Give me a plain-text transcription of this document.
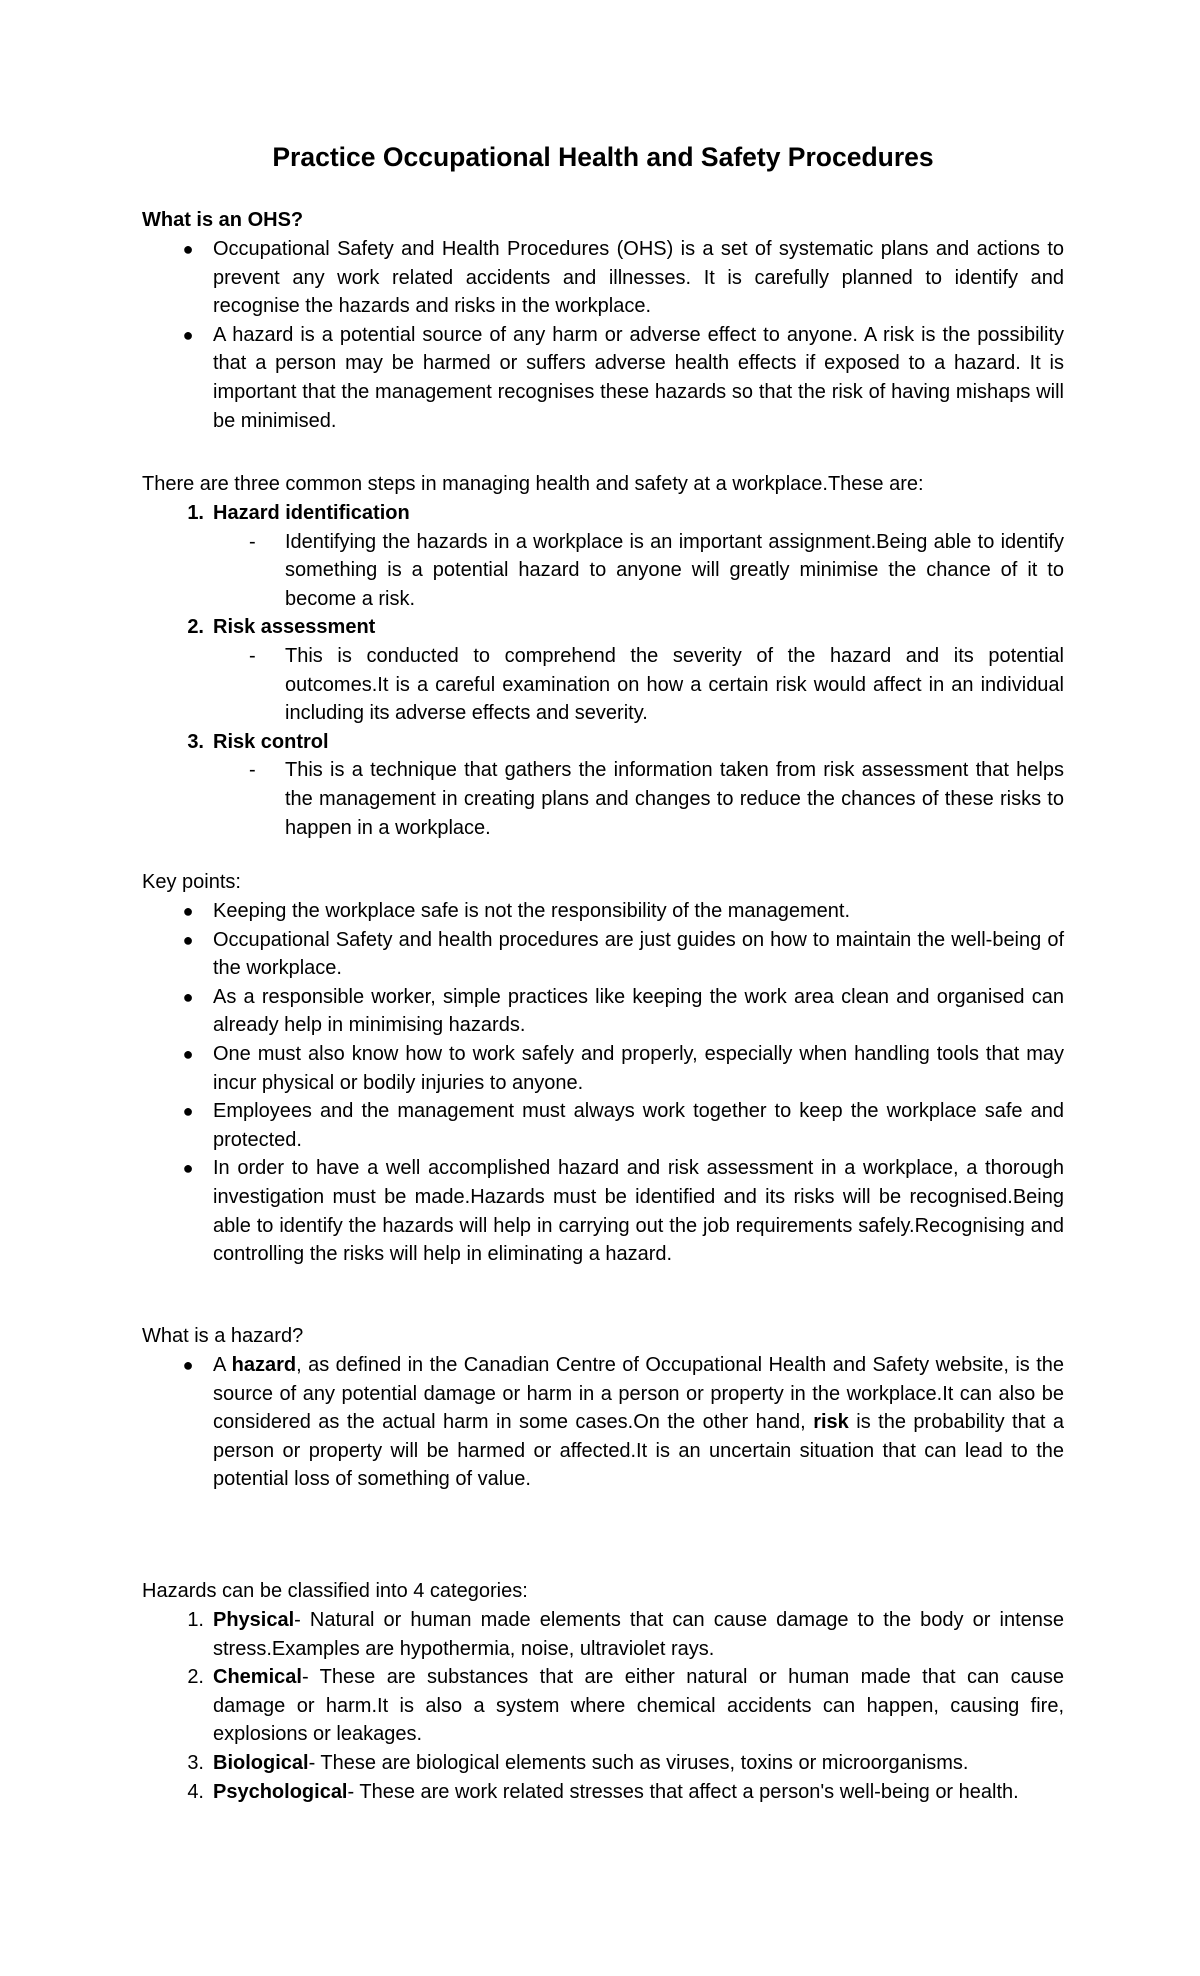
Practice Occupational Health and Safety Procedures

What is an OHS?

● Occupational Safety and Health Procedures (OHS) is a set of systematic plans and actions to prevent any work related accidents and illnesses. It is carefully planned to identify and recognise the hazards and risks in the workplace.
● A hazard is a potential source of any harm or adverse effect to anyone. A risk is the possibility that a person may be harmed or suffers adverse health effects if exposed to a hazard. It is important that the management recognises these hazards so that the risk of having mishaps will be minimised.

There are three common steps in managing health and safety at a workplace.These are:

1. Hazard identification
- Identifying the hazards in a workplace is an important assignment.Being able to identify something is a potential hazard to anyone will greatly minimise the chance of it to become a risk.
2. Risk assessment
- This is conducted to comprehend the severity of the hazard and its potential outcomes.It is a careful examination on how a certain risk would affect in an individual including its adverse effects and severity.
3. Risk control
- This is a technique that gathers the information taken from risk assessment that helps the management in creating plans and changes to reduce the chances of these risks to happen in a workplace.

Key points:

● Keeping the workplace safe is not the responsibility of the management.
● Occupational Safety and health procedures are just guides on how to maintain the well-being of the workplace.
● As a responsible worker, simple practices like keeping the work area clean and organised can already help in minimising hazards.
● One must also know how to work safely and properly, especially when handling tools that may incur physical or bodily injuries to anyone.
● Employees and the management must always work together to keep the workplace safe and protected.
● In order to have a well accomplished hazard and risk assessment in a workplace, a thorough investigation must be made.Hazards must be identified and its risks will be recognised.Being able to identify the hazards will help in carrying out the job requirements safely.Recognising and controlling the risks will help in eliminating a hazard.

What is a hazard?

● A hazard, as defined in the Canadian Centre of Occupational Health and Safety website, is the source of any potential damage or harm in a person or property in the workplace.It can also be considered as the actual harm in some cases.On the other hand, risk is the probability that a person or property will be harmed or affected.It is an uncertain situation that can lead to the potential loss of something of value.

Hazards can be classified into 4 categories:

1. Physical- Natural or human made elements that can cause damage to the body or intense stress.Examples are hypothermia, noise, ultraviolet rays.
2. Chemical- These are substances that are either natural or human made that can cause damage or harm.It is also a system where chemical accidents can happen, causing fire, explosions or leakages.
3. Biological- These are biological elements such as viruses, toxins or microorganisms.
4. Psychological- These are work related stresses that affect a person's well-being or health.
